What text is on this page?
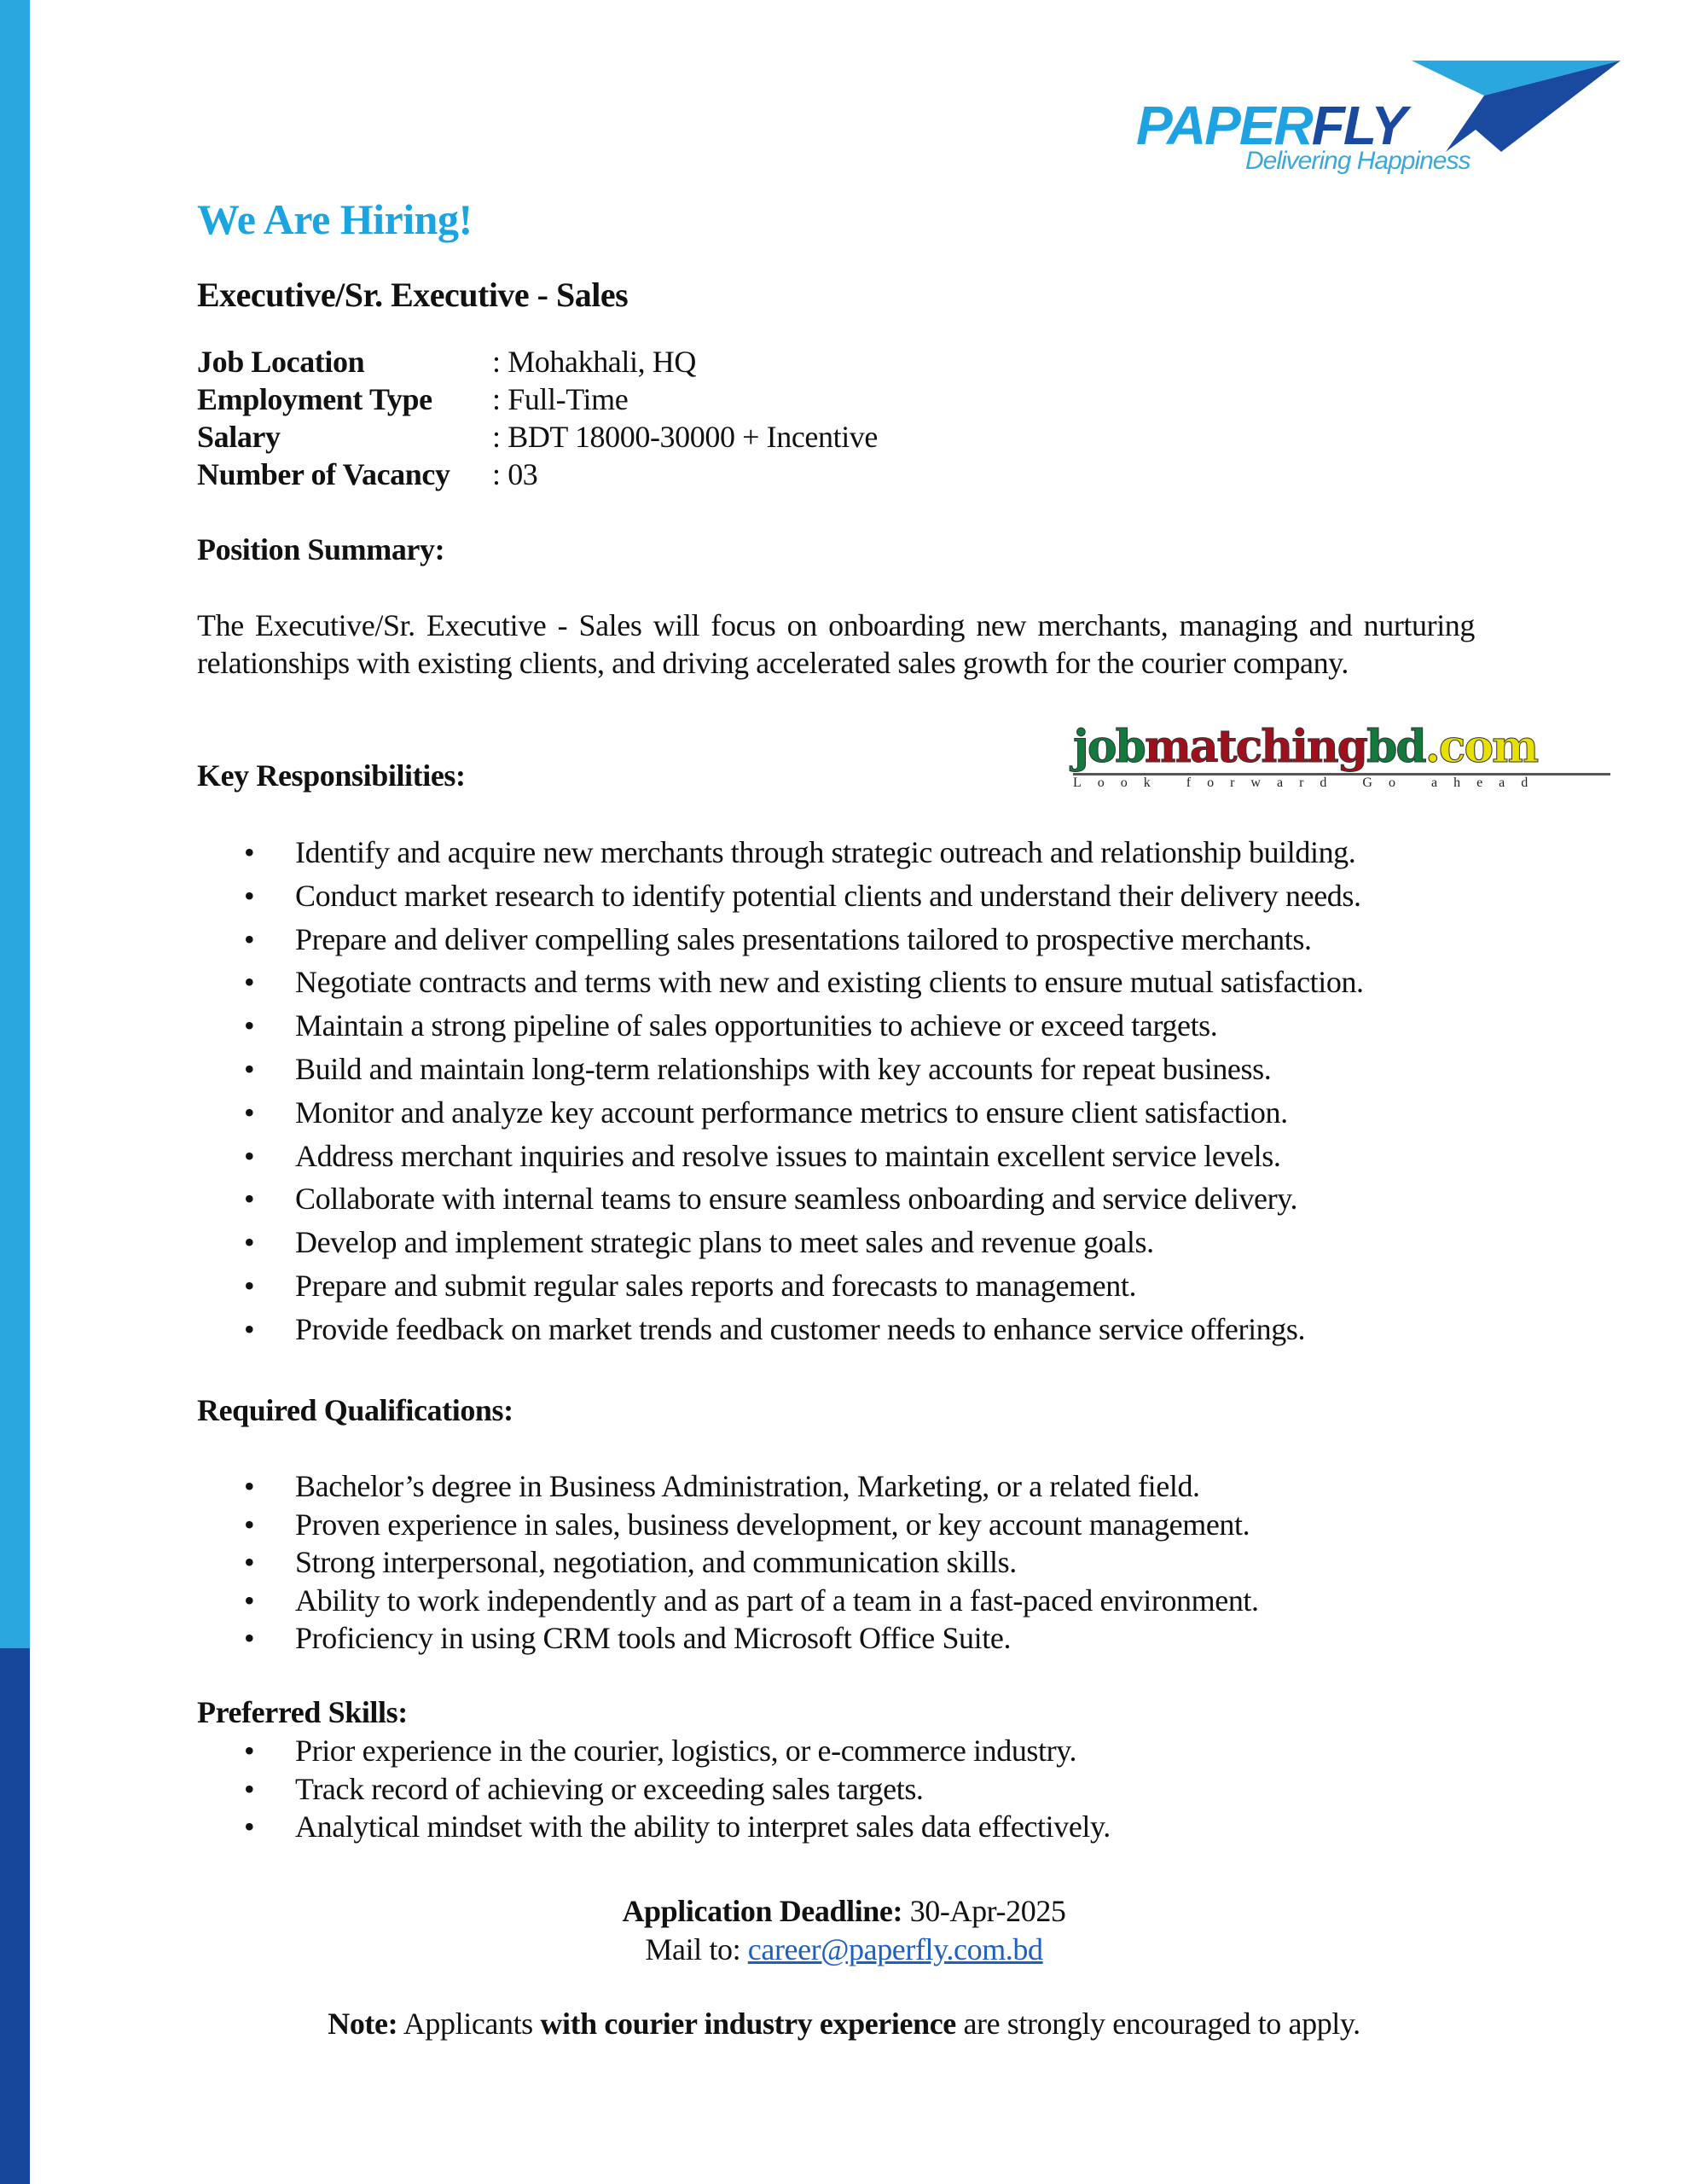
PAPERFLY
Delivering Happiness
jobmatchingbd.com
Look forward Go ahead
We Are Hiring!
Executive/Sr. Executive - Sales
Job Location	: Mohakhali, HQ
Employment Type : Full-Time
Salary	: BDT 18000-30000 + Incentive
Number of Vacancy : 03
Position Summary:
The Executive/Sr. Executive - Sales will focus on onboarding new merchants, managing and nurturing relationships with existing clients, and driving accelerated sales growth for the courier company.
Key Responsibilities:
• Identify and acquire new merchants through strategic outreach and relationship building.
• Conduct market research to identify potential clients and understand their delivery needs.
• Prepare and deliver compelling sales presentations tailored to prospective merchants.
• Negotiate contracts and terms with new and existing clients to ensure mutual satisfaction.
• Maintain a strong pipeline of sales opportunities to achieve or exceed targets.
• Build and maintain long-term relationships with key accounts for repeat business.
• Monitor and analyze key account performance metrics to ensure client satisfaction.
• Address merchant inquiries and resolve issues to maintain excellent service levels.
• Collaborate with internal teams to ensure seamless onboarding and service delivery.
• Develop and implement strategic plans to meet sales and revenue goals.
• Prepare and submit regular sales reports and forecasts to management.
• Provide feedback on market trends and customer needs to enhance service offerings.
Required Qualifications:
• Bachelor’s degree in Business Administration, Marketing, or a related field.
• Proven experience in sales, business development, or key account management.
• Strong interpersonal, negotiation, and communication skills.
• Ability to work independently and as part of a team in a fast-paced environment.
• Proficiency in using CRM tools and Microsoft Office Suite.
Preferred Skills:
• Prior experience in the courier, logistics, or e-commerce industry.
• Track record of achieving or exceeding sales targets.
• Analytical mindset with the ability to interpret sales data effectively.
Application Deadline: 30-Apr-2025
Mail to: career@paperfly.com.bd
Note: Applicants with courier industry experience are strongly encouraged to apply.
